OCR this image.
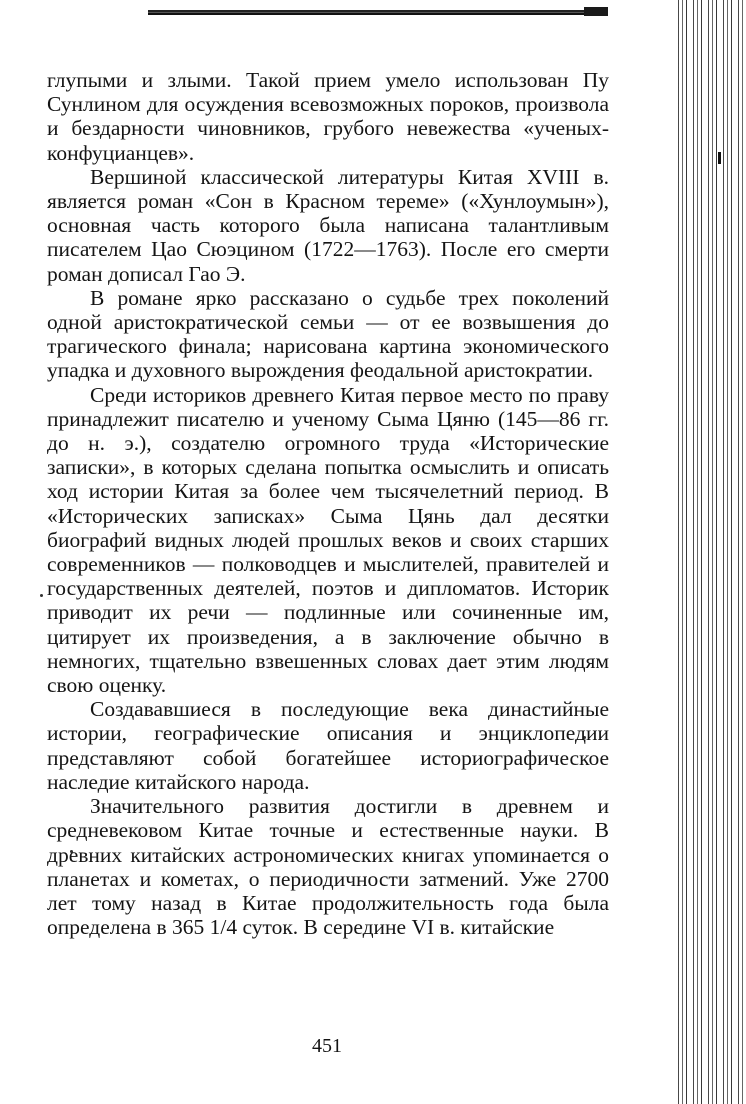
глупыми и злыми. Такой прием умело использован Пу Сунлином для осуждения всевозможных пороков, произвола и бездарности чиновников, грубого невежества «ученых-конфуцианцев».

Вершиной классической литературы Китая XVIII в. является роман «Сон в Красном тереме» («Хунлоумын»), основная часть которого была написана талантливым писателем Цао Сюэцином (1722—1763). После его смерти роман дописал Гао Э.

В романе ярко рассказано о судьбе трех поколений одной аристократической семьи — от ее возвышения до трагического финала; нарисована картина экономического упадка и духовного вырождения феодальной аристократии.

Среди историков древнего Китая первое место по праву принадлежит писателю и ученому Сыма Цяню (145—86 гг. до н. э.), создателю огромного труда «Исторические записки», в которых сделана попытка осмыслить и описать ход истории Китая за более чем тысячелетний период. В «Исторических записках» Сыма Цянь дал десятки биографий видных людей прошлых веков и своих старших современников — полководцев и мыслителей, правителей и государственных деятелей, поэтов и дипломатов. Историк приводит их речи — подлинные или сочиненные им, цитирует их произведения, а в заключение обычно в немногих, тщательно взвешенных словах дает этим людям свою оценку.

Создававшиеся в последующие века династийные истории, географические описания и энциклопедии представляют собой богатейшее историографическое наследие китайского народа.

Значительного развития достигли в древнем и средневековом Китае точные и естественные науки. В древних китайских астрономических книгах упоминается о планетах и кометах, о периодичности затмений. Уже 2700 лет тому назад в Китае продолжительность года была определена в 365 1/4 суток. В середине VI в. китайские

451
